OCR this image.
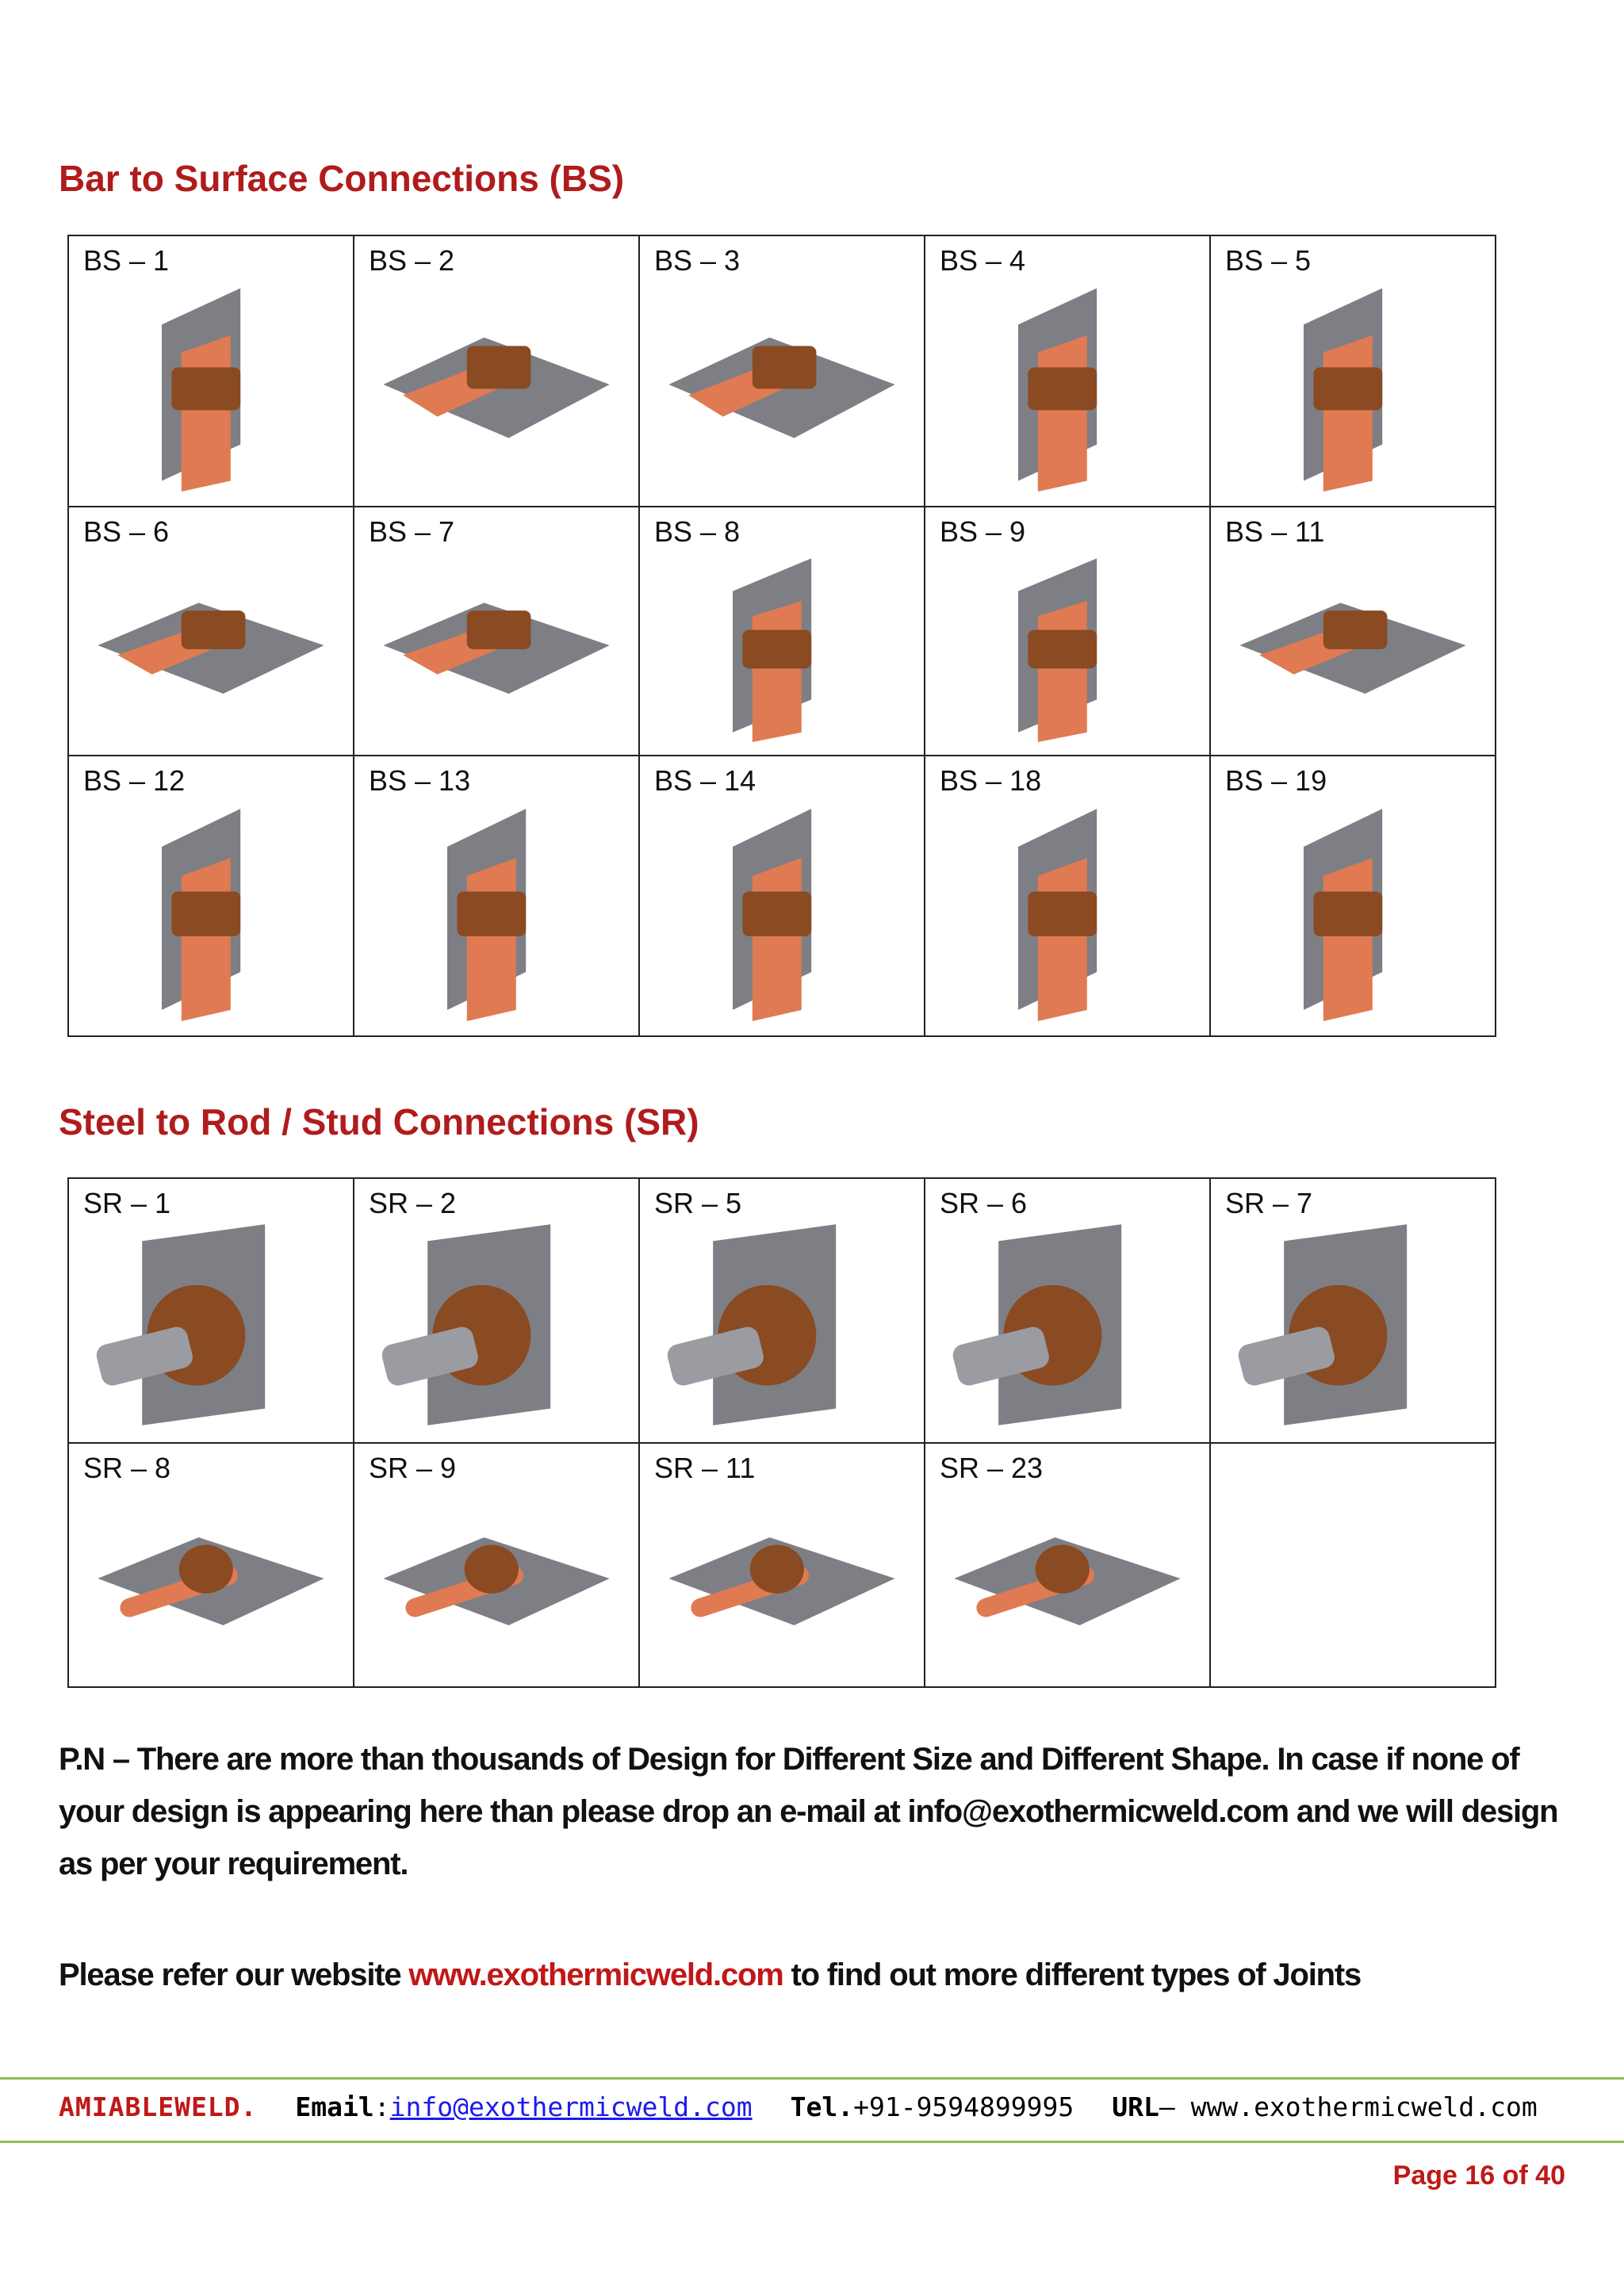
Bar to Surface Connections (BS)
BS – 1	BS – 2	BS – 3	BS – 4	BS – 5

BS – 6	BS – 7	BS – 8	BS – 9	BS – 11

BS – 12	BS – 13	BS – 14	BS – 18	BS – 19
Steel to Rod / Stud Connections (SR)
SR – 1	SR – 2	SR – 5	SR – 6	SR – 7

SR – 8	SR – 9	SR – 11	SR – 23	

P.N – There are more than thousands of Design for Different Size and Different Shape. In case if none of your design is appearing here than please drop an e-mail at info@exothermicweld.com and we will design as per your requirement.
Please refer our website www.exothermicweld.com to find out more different types of Joints
AMIABLEWELD. Email:info@exothermicweld.com Tel.+91-9594899995 URL– www.exothermicweld.com
Page 16 of 40
